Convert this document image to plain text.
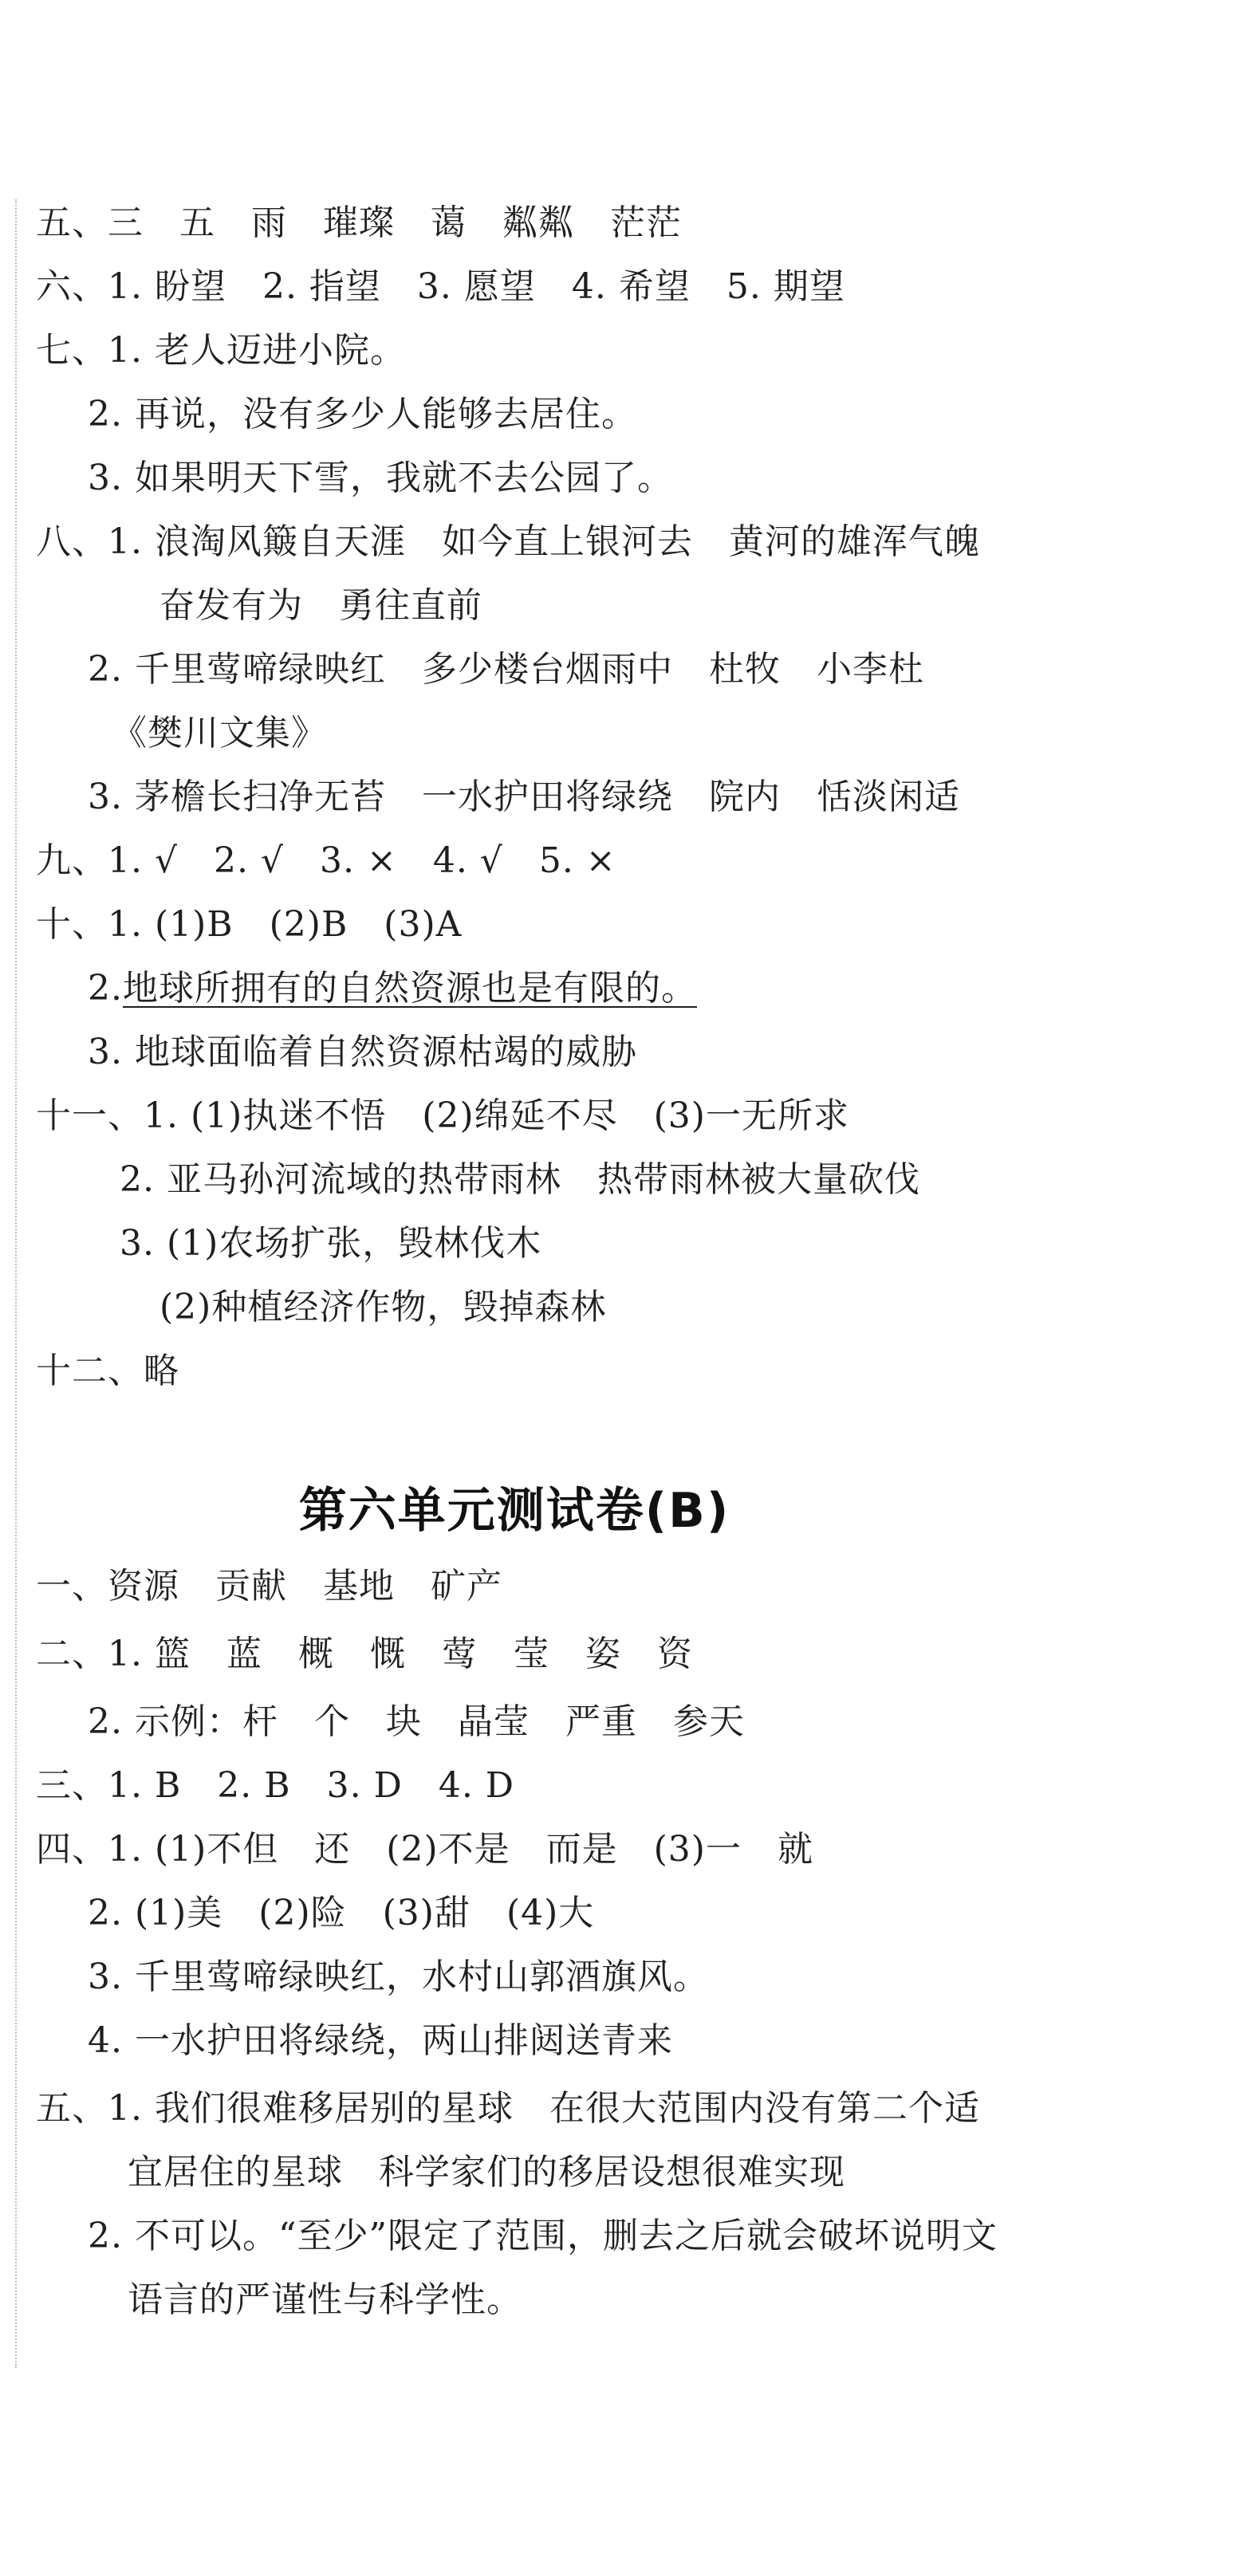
五、三　五　雨　璀璨　蔼　粼粼　茫茫
六、1. 盼望　2. 指望　3. 愿望　4. 希望　5. 期望
七、1. 老人迈进小院。
2. 再说，没有多少人能够去居住。
3. 如果明天下雪，我就不去公园了。
八、1. 浪淘风簸自天涯　如今直上银河去　黄河的雄浑气魄
奋发有为　勇往直前
2. 千里莺啼绿映红　多少楼台烟雨中　杜牧　小李杜
《樊川文集》
3. 茅檐长扫净无苔　一水护田将绿绕　院内　恬淡闲适
九、1. √　2. √　3. ×　4. √　5. ×
十、1. (1)B　(2)B　(3)A
2.地球所拥有的自然资源也是有限的。
3. 地球面临着自然资源枯竭的威胁
十一、1. (1)执迷不悟　(2)绵延不尽　(3)一无所求
2. 亚马孙河流域的热带雨林　热带雨林被大量砍伐
3. (1)农场扩张，毁林伐木
(2)种植经济作物，毁掉森林
十二、略
第六单元测试卷(B)
一、资源　贡献　基地　矿产
二、1. 篮　蓝　概　慨　莺　莹　姿　资
2. 示例：杆　个　块　晶莹　严重　参天
三、1. B　2. B　3. D　4. D
四、1. (1)不但　还　(2)不是　而是　(3)一　就
2. (1)美　(2)险　(3)甜　(4)大
3. 千里莺啼绿映红，水村山郭酒旗风。
4. 一水护田将绿绕，两山排闼送青来
五、1. 我们很难移居别的星球　在很大范围内没有第二个适
宜居住的星球　科学家们的移居设想很难实现
2. 不可以。“至少”限定了范围，删去之后就会破坏说明文
语言的严谨性与科学性。
